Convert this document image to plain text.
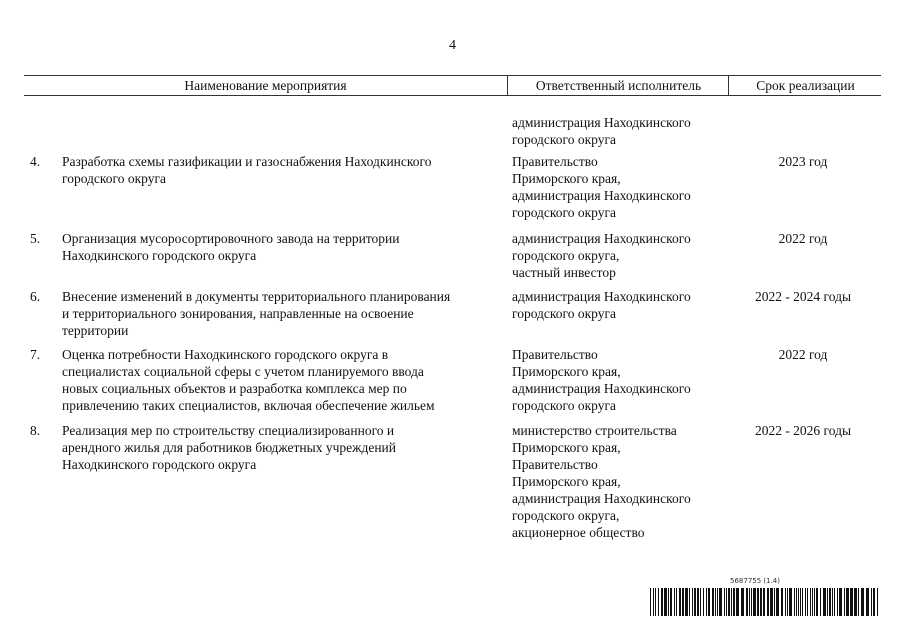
4
Наименование мероприятия	Ответственный исполнитель	Срок реализации
администрация Находкинского
городского округа
4. Разработка схемы газификации и газоснабжения Находкинского
городского округа
Правительство
Приморского края,
администрация Находкинского
городского округа
2023 год
5. Организация мусоросортировочного завода на территории
Находкинского городского округа
администрация Находкинского
городского округа,
частный инвестор
2022 год
6. Внесение изменений в документы территориального планирования
и территориального зонирования, направленные на освоение
территории
администрация Находкинского
городского округа
2022 - 2024 годы
7. Оценка потребности Находкинского городского округа в
специалистах социальной сферы с учетом планируемого ввода
новых социальных объектов и разработка комплекса мер по
привлечению таких специалистов, включая обеспечение жильем
Правительство
Приморского края,
администрация Находкинского
городского округа
2022 год
8. Реализация мер по строительству специализированного и
арендного жилья для работников бюджетных учреждений
Находкинского городского округа
министерство строительства
Приморского края,
Правительство
Приморского края,
администрация Находкинского
городского округа,
акционерное общество
2022 - 2026 годы
5687755 (1.4)
